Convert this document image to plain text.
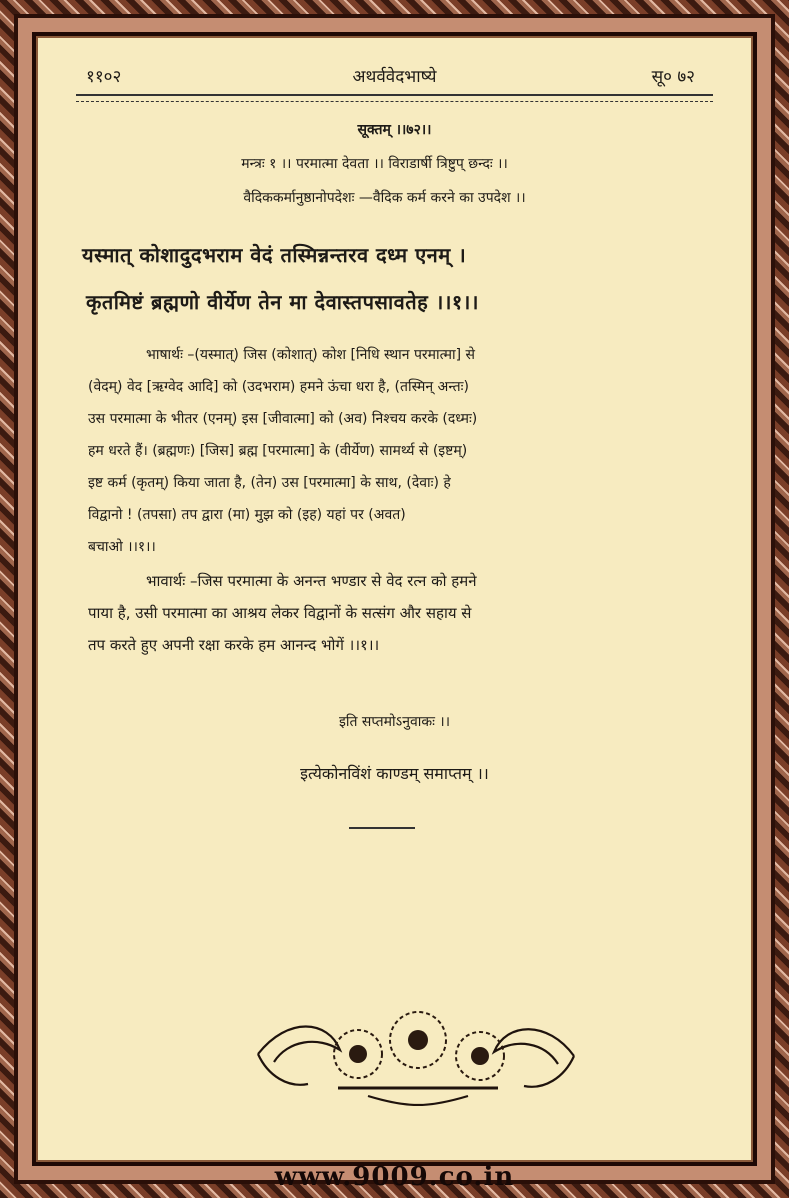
११०२	अथर्ववेदभाष्ये	सू० ७२
सूक्तम् ।।७२।।
मन्त्रः १ ।। परमात्मा देवता ।। विराडार्षी त्रिष्टुप् छन्दः ।।
वैदिककर्मानुष्ठानोपदेशः —वैदिक कर्म करने का उपदेश ।।
यस्मात् कोशादुदभराम वेदं तस्मिन्नन्तरव दध्म एनम् ।
कृतमिष्टं ब्रह्मणो वीर्येण तेन मा देवास्तपसावतेह ।।१।।
भाषार्थः –(यस्मात्) जिस (कोशात्) कोश [निधि स्थान परमात्मा] से
(वेदम्) वेद [ऋग्वेद आदि] को (उदभराम) हमने ऊंचा धरा है, (तस्मिन् अन्तः)
उस परमात्मा के भीतर (एनम्) इस [जीवात्मा] को (अव) निश्चय करके (दध्मः)
हम धरते हैं। (ब्रह्मणः) [जिस] ब्रह्म [परमात्मा] के (वीर्येण) सामर्थ्य से (इष्टम्)
इष्ट कर्म (कृतम्) किया जाता है, (तेन) उस [परमात्मा] के साथ, (देवाः) हे
विद्वानो ! (तपसा) तप द्वारा (मा) मुझ को (इह) यहां पर (अवत)
बचाओ ।।१।।
भावार्थः –जिस परमात्मा के अनन्त भण्डार से वेद रत्न को हमने
पाया है, उसी परमात्मा का आश्रय लेकर विद्वानों के सत्संग और सहाय से
तप करते हुए अपनी रक्षा करके हम आनन्द भोगें ।।१।।
इति सप्तमोऽनुवाकः ।।
इत्येकोनविंशं काण्डम् समाप्तम् ।।
www.9009.co.in
